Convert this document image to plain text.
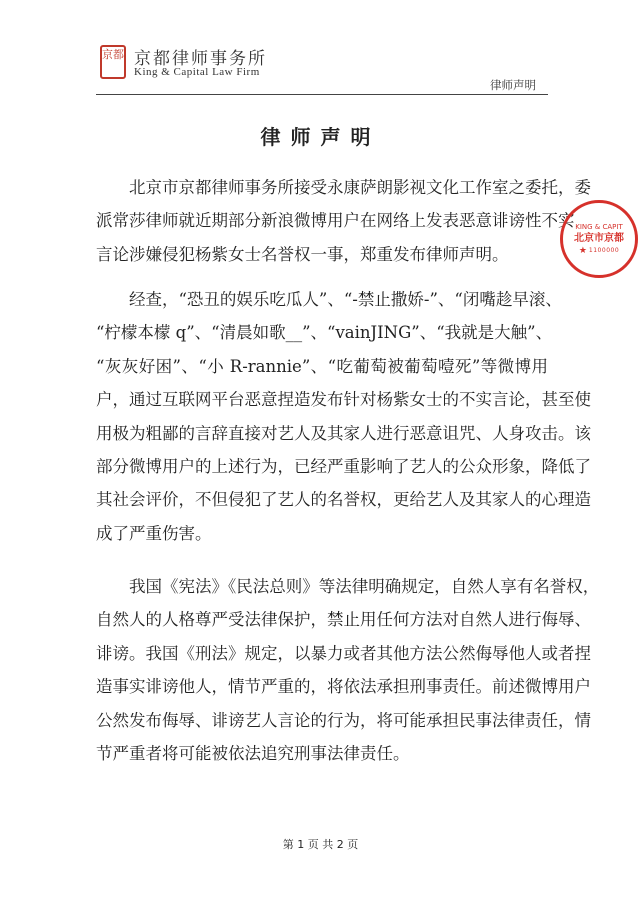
京都 京都律师事务所
King & Capital Law Firm
律师声明
律师声明
北京市京都律师事务所接受永康萨朗影视文化工作室之委托，委
派常莎律师就近期部分新浪微博用户在网络上发表恶意诽谤性不实
言论涉嫌侵犯杨紫女士名誉权一事，郑重发布律师声明。
经查，“恐丑的娱乐吃瓜人”、“-禁止撒娇-”、“闭嘴趁早滚、
“柠檬本檬 q”、“清晨如歌__”、“vainJING”、“我就是大触”、
“灰灰好困”、“小 R-rannie”、“吃葡萄被葡萄噎死”等微博用
户，通过互联网平台恶意捏造发布针对杨紫女士的不实言论，甚至使
用极为粗鄙的言辞直接对艺人及其家人进行恶意诅咒、人身攻击。该
部分微博用户的上述行为，已经严重影响了艺人的公众形象，降低了
其社会评价，不但侵犯了艺人的名誉权，更给艺人及其家人的心理造
成了严重伤害。
我国《宪法》《民法总则》等法律明确规定，自然人享有名誉权，
自然人的人格尊严受法律保护，禁止用任何方法对自然人进行侮辱、
诽谤。我国《刑法》规定，以暴力或者其他方法公然侮辱他人或者捏
造事实诽谤他人，情节严重的，将依法承担刑事责任。前述微博用户
公然发布侮辱、诽谤艺人言论的行为，将可能承担民事法律责任，情
节严重者将可能被依法追究刑事法律责任。
KING & CAPIT
北京市京都
★ 1100000
第 1 页 共 2 页
